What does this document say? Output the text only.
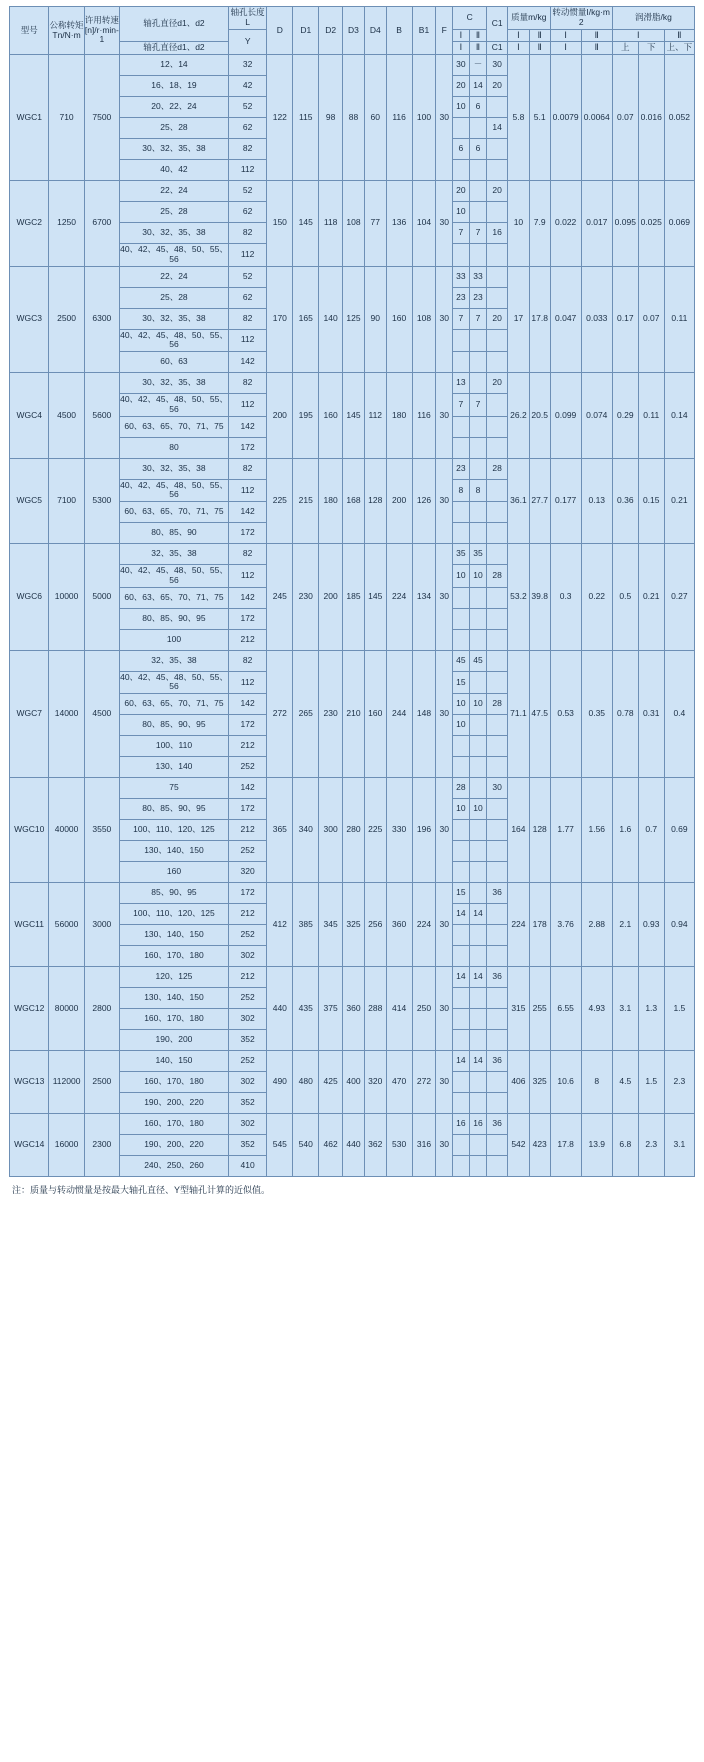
型号	公称转矩Tn/N·m	许用转速[n]/r·min-1	轴孔直径d1、d2	轴孔长度L	D	D1	D2	D3	D4	B	B1	F	C		C1	质量m/kg		转动惯量I/kg·m2		润滑脂/kg		

				Y									Ⅰ	Ⅱ		Ⅰ	Ⅱ	Ⅰ	Ⅱ	Ⅰ		Ⅱ
			轴孔直径d1、d2										Ⅰ	Ⅱ	C1	Ⅰ	Ⅱ	Ⅰ	Ⅱ	上	下	上、下
WGC1	710	7500	12、14	32	122	115	98	88	60	116	100	30	30	－	30	5.8	5.1	0.0079	0.0064	0.07	0.016	0.052
			16、18、19	42									20	14	20							
			20、22、24	52									10	6								
			25、28	62											14							
			30、32、35、38	82									6	6								
			40、42	112																		
WGC2	1250	6700	22、24	52	150	145	118	108	77	136	104	30	20		20	10	7.9	0.022	0.017	0.095	0.025	0.069
			25、28	62									10									
			30、32、35、38	82									7	7	16							
			40、42、45、48、50、55、56	112																		
WGC3	2500	6300	22、24	52	170	165	140	125	90	160	108	30	33	33		17	17.8	0.047	0.033	0.17	0.07	0.11
			25、28	62									23	23								
			30、32、35、38	82									7	7	20							
			40、42、45、48、50、55、56	112																		
			60、63	142																		
WGC4	4500	5600	30、32、35、38	82	200	195	160	145	112	180	116	30	13		20	26.2	20.5	0.099	0.074	0.29	0.11	0.14
			40、42、45、48、50、55、56	112									7	7								
			60、63、65、70、71、75	142																		
			80	172																		
WGC5	7100	5300	30、32、35、38	82	225	215	180	168	128	200	126	30	23		28	36.1	27.7	0.177	0.13	0.36	0.15	0.21
			40、42、45、48、50、55、56	112									8	8								
			60、63、65、70、71、75	142																		
			80、85、90	172																		
WGC6	10000	5000	32、35、38	82	245	230	200	185	145	224	134	30	35	35		53.2	39.8	0.3	0.22	0.5	0.21	0.27
			40、42、45、48、50、55、56	112									10	10	28							
			60、63、65、70、71、75	142																		
			80、85、90、95	172																		
			100	212																		
WGC7	14000	4500	32、35、38	82	272	265	230	210	160	244	148	30	45	45		71.1	47.5	0.53	0.35	0.78	0.31	0.4
			40、42、45、48、50、55、56	112									15									
			60、63、65、70、71、75	142									10	10	28							
			80、85、90、95	172									10									
			100、110	212																		
			130、140	252																		
WGC10	40000	3550	75	142	365	340	300	280	225	330	196	30	28		30	164	128	1.77	1.56	1.6	0.7	0.69
			80、85、90、95	172									10	10								
			100、110、120、125	212																		
			130、140、150	252																		
			160	320																		
WGC11	56000	3000	85、90、95	172	412	385	345	325	256	360	224	30	15		36	224	178	3.76	2.88	2.1	0.93	0.94
			100、110、120、125	212									14	14								
			130、140、150	252																		
			160、170、180	302																		
WGC12	80000	2800	120、125	212	440	435	375	360	288	414	250	30	14	14	36	315	255	6.55	4.93	3.1	1.3	1.5
			130、140、150	252																		
			160、170、180	302																		
			190、200	352																		
WGC13	112000	2500	140、150	252	490	480	425	400	320	470	272	30	14	14	36	406	325	10.6	8	4.5	1.5	2.3
			160、170、180	302																		
			190、200、220	352																		
WGC14	16000	2300	160、170、180	302	545	540	462	440	362	530	316	30	16	16	36	542	423	17.8	13.9	6.8	2.3	3.1
			190、200、220	352																		
			240、250、260	410																		
注：质量与转动惯量是按最大轴孔直径、Y型轴孔计算的近似值。
